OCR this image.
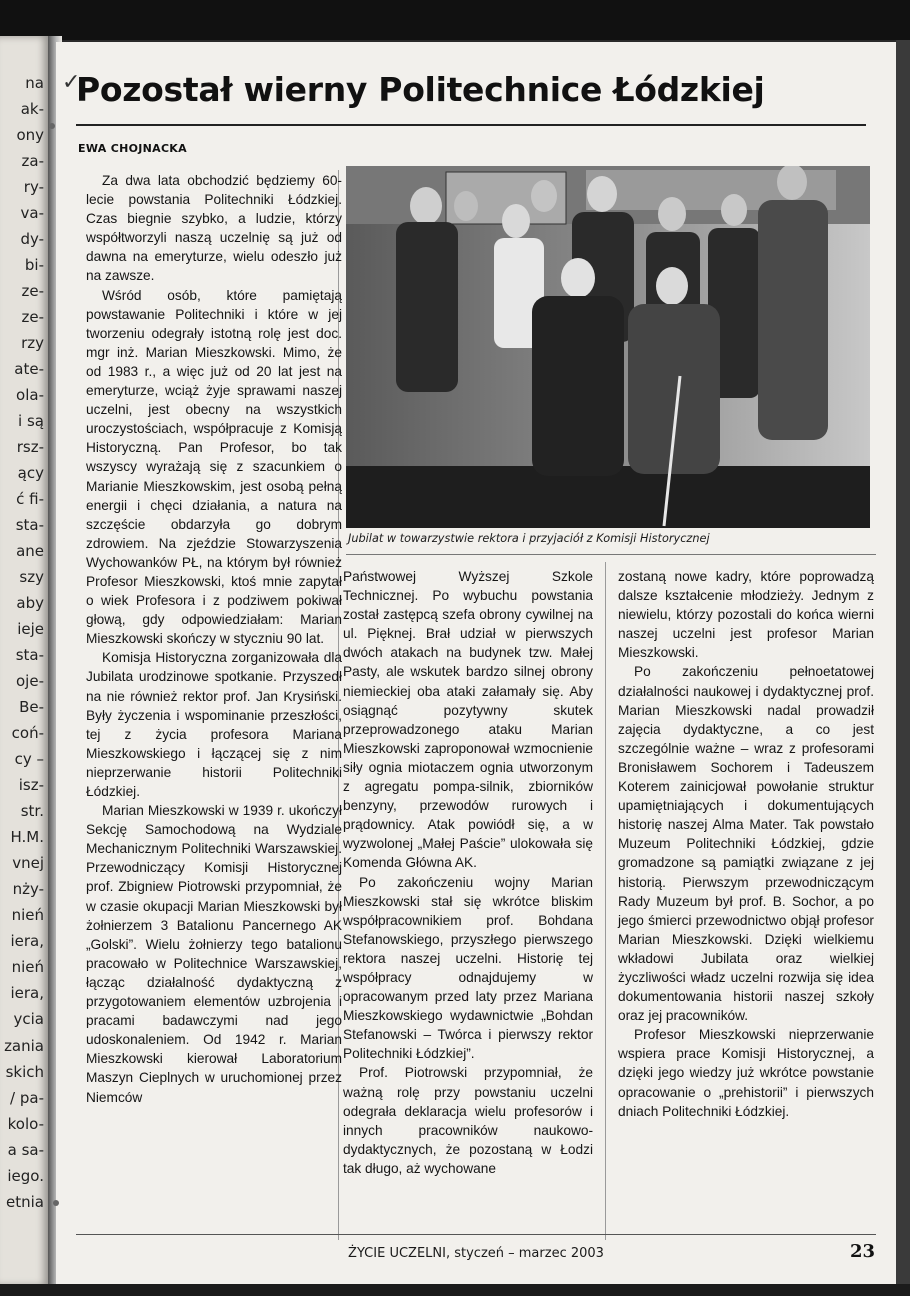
na
ak-
ony
za-
ry-
va-
dy-
bi-
ze-
ze-
rzy
ate-
ola-
i są
rsz-
ący
ć fi-
sta-
ane
szy
aby
ieje
sta-
oje-
Be-
coń-
cy –
isz-
str.
H.M.
vnej
nży-
nień
iera,
nień
iera,
ycia
zania
skich
/ pa-
kolo-
a sa-
iego.
etnia
✓
Pozostał wierny Politechnice Łódzkiej
EWA CHOJNACKA

Za dwa lata obchodzić będziemy 60-lecie powstania Politechniki Łódzkiej. Czas biegnie szybko, a ludzie, którzy współtworzyli naszą uczelnię są już od dawna na emeryturze, wielu odeszło już na zawsze.

Wśród osób, które pamiętają powstawanie Politechniki i które w jej tworzeniu odegrały istotną rolę jest doc. mgr inż. Marian Mieszkowski. Mimo, że od 1983 r., a więc już od 20 lat jest na emeryturze, wciąż żyje sprawami naszej uczelni, jest obecny na wszystkich uroczystościach, współpracuje z Komisją Historyczną. Pan Profesor, bo tak wszyscy wyrażają się z szacunkiem o Marianie Mieszkowskim, jest osobą pełną energii i chęci działania, a natura na szczęście obdarzyła go dobrym zdrowiem. Na zjeździe Stowarzyszenia Wychowanków PŁ, na którym był również Profesor Mieszkowski, ktoś mnie zapytał o wiek Profesora i z podziwem pokiwał głową, gdy odpowiedziałam: Marian Mieszkowski skończy w styczniu 90 lat.

Komisja Historyczna zorganizowała dla Jubilata urodzinowe spotkanie. Przyszedł na nie również rektor prof. Jan Krysiński. Były życzenia i wspominanie przeszłości, tej z życia profesora Mariana Mieszkowskiego i łączącej się z nim nieprzerwanie historii Politechniki Łódzkiej.

Marian Mieszkowski w 1939 r. ukończył Sekcję Samochodową na Wydziale Mechanicznym Politechniki Warszawskiej. Przewodniczący Komisji Historycznej prof. Zbigniew Piotrowski przypomniał, że w czasie okupacji Marian Mieszkowski był żołnierzem 3 Batalionu Pancernego AK „Golski”. Wielu żołnierzy tego batalionu pracowało w Politechnice Warszawskiej, łącząc działalność dydaktyczną z przygotowaniem elementów uzbrojenia i pracami badawczymi nad jego udoskonaleniem. Od 1942 r. Marian Mieszkowski kierował Laboratorium Maszyn Cieplnych w uruchomionej przez Niemców

Jubilat w towarzystwie rektora i przyjaciół z Komisji Historycznej

Państwowej Wyższej Szkole Technicznej. Po wybuchu powstania został zastępcą szefa obrony cywilnej na ul. Pięknej. Brał udział w pierwszych dwóch atakach na budynek tzw. Małej Pasty, ale wskutek bardzo silnej obrony niemieckiej oba ataki załamały się. Aby osiągnąć pozytywny skutek przeprowadzonego ataku Marian Mieszkowski zaproponował wzmocnienie siły ognia miotaczem ognia utworzonym z agregatu pompa-silnik, zbiorników benzyny, przewodów rurowych i prądownicy. Atak powiódł się, a w wyzwolonej „Małej Paście” ulokowała się Komenda Główna AK.

Po zakończeniu wojny Marian Mieszkowski stał się wkrótce bliskim współpracownikiem prof. Bohdana Stefanowskiego, przyszłego pierwszego rektora naszej uczelni. Historię tej współpracy odnajdujemy w opracowanym przed laty przez Mariana Mieszkowskiego wydawnictwie „Bohdan Stefanowski – Twórca i pierwszy rektor Politechniki Łódzkiej”.

Prof. Piotrowski przypomniał, że ważną rolę przy powstaniu uczelni odegrała deklaracja wielu profesorów i innych pracowników naukowo-dydaktycznych, że pozostaną w Łodzi tak długo, aż wychowane

zostaną nowe kadry, które poprowadzą dalsze kształcenie młodzieży. Jednym z niewielu, którzy pozostali do końca wierni naszej uczelni jest profesor Marian Mieszkowski.

Po zakończeniu pełnoetatowej działalności naukowej i dydaktycznej prof. Marian Mieszkowski nadal prowadził zajęcia dydaktyczne, a co jest szczególnie ważne – wraz z profesorami Bronisławem Sochorem i Tadeuszem Koterem zainicjował powołanie struktur upamiętniających i dokumentujących historię naszej Alma Mater. Tak powstało Muzeum Politechniki Łódzkiej, gdzie gromadzone są pamiątki związane z jej historią. Pierwszym przewodniczącym Rady Muzeum był prof. B. Sochor, a po jego śmierci przewodnictwo objął profesor Marian Mieszkowski. Dzięki wielkiemu wkładowi Jubilata oraz wielkiej życzliwości władz uczelni rozwija się idea dokumentowania historii naszej szkoły oraz jej pracowników.

Profesor Mieszkowski nieprzerwanie wspiera prace Komisji Historycznej, a dzięki jego wiedzy już wkrótce powstanie opracowanie o „prehistorii” i pierwszych dniach Politechniki Łódzkiej.

ŻYCIE UCZELNI, styczeń – marzec 2003	23
